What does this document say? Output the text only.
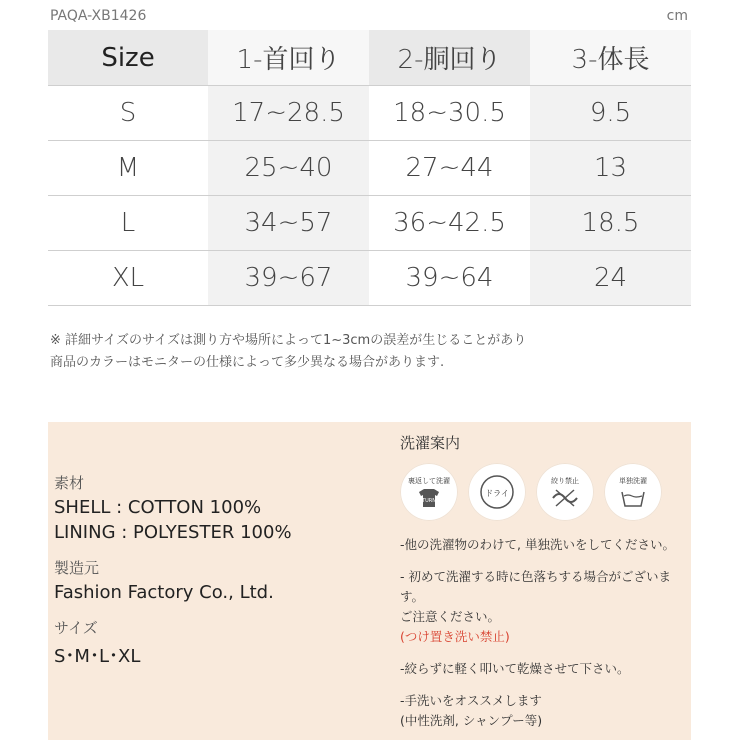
PAQA-XB1426	cm
Size	1-首回り	2-胴回り	3-体長
S	17~28.5	18~30.5	9.5
M	25~40	27~44	13
L	34~57	36~42.5	18.5
XL	39~67	39~64	24
※ 詳細サイズのサイズは測り方や場所によって1~3cmの誤差が生じることがあり
商品のカラーはモニターの仕様によって多少異なる場合があります.
素材
SHELL : COTTON 100%
LINING : POLYESTER 100%
製造元
Fashion Factory Co., Ltd.
サイズ
S･M･L･XL
洗濯案内
裏返して洗濯
TURN
ドライ
絞り禁止	単独洗濯
-他の洗濯物のわけて, 単独洗いをしてください。
- 初めて洗濯する時に色落ちする場合がございます。
ご注意ください。
(つけ置き洗い禁止)
-絞らずに軽く叩いて乾燥させて下さい。
-手洗いをオススメします
(中性洗剤, シャンプー等)
